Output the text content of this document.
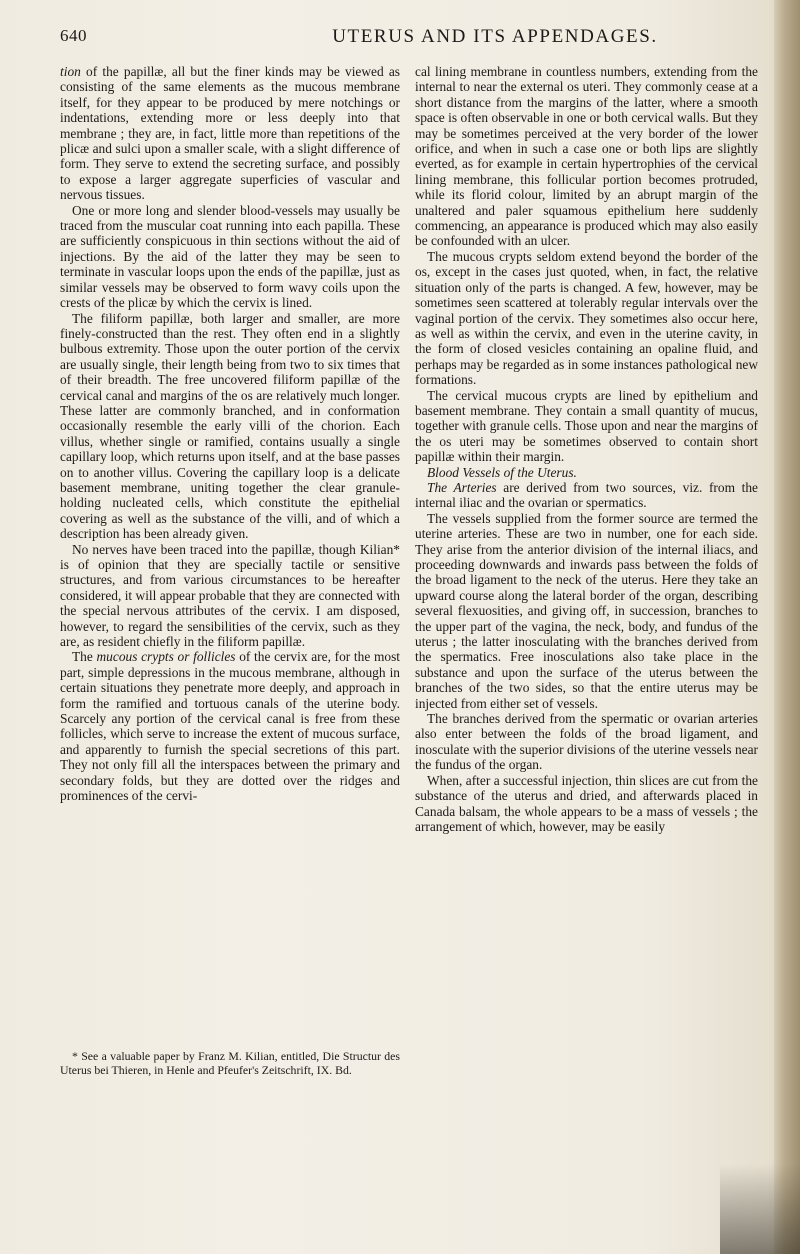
640	UTERUS AND ITS APPENDAGES.

tion of the papillæ, all but the finer kinds may be viewed as consisting of the same elements as the mucous membrane itself, for they appear to be produced by mere notchings or indentations, extending more or less deeply into that membrane ; they are, in fact, little more than repetitions of the plicæ and sulci upon a smaller scale, with a slight difference of form. They serve to extend the secreting surface, and possibly to expose a larger aggregate superficies of vascular and nervous tissues.

One or more long and slender blood-vessels may usually be traced from the muscular coat running into each papilla. These are sufficiently conspicuous in thin sections without the aid of injections. By the aid of the latter they may be seen to terminate in vascular loops upon the ends of the papillæ, just as similar vessels may be observed to form wavy coils upon the crests of the plicæ by which the cervix is lined.

The filiform papillæ, both larger and smaller, are more finely-constructed than the rest. They often end in a slightly bulbous extremity. Those upon the outer portion of the cervix are usually single, their length being from two to six times that of their breadth. The free uncovered filiform papillæ of the cervical canal and margins of the os are relatively much longer. These latter are commonly branched, and in conformation occasionally resemble the early villi of the chorion. Each villus, whether single or ramified, contains usually a single capillary loop, which returns upon itself, and at the base passes on to another villus. Covering the capillary loop is a delicate basement membrane, uniting together the clear granule-holding nucleated cells, which constitute the epithelial covering as well as the substance of the villi, and of which a description has been already given.

No nerves have been traced into the papillæ, though Kilian* is of opinion that they are specially tactile or sensitive structures, and from various circumstances to be hereafter considered, it will appear probable that they are connected with the special nervous attributes of the cervix. I am disposed, however, to regard the sensibilities of the cervix, such as they are, as resident chiefly in the filiform papillæ.

The mucous crypts or follicles of the cervix are, for the most part, simple depressions in the mucous membrane, although in certain situations they penetrate more deeply, and approach in form the ramified and tortuous canals of the uterine body. Scarcely any portion of the cervical canal is free from these follicles, which serve to increase the extent of mucous surface, and apparently to furnish the special secretions of this part. They not only fill all the interspaces between the primary and secondary folds, but they are dotted over the ridges and prominences of the cervi-

* See a valuable paper by Franz M. Kilian, entitled, Die Structur des Uterus bei Thieren, in Henle and Pfeufer's Zeitschrift, IX. Bd.

cal lining membrane in countless numbers, extending from the internal to near the external os uteri. They commonly cease at a short distance from the margins of the latter, where a smooth space is often observable in one or both cervical walls. But they may be sometimes perceived at the very border of the lower orifice, and when in such a case one or both lips are slightly everted, as for example in certain hypertrophies of the cervical lining membrane, this follicular portion becomes protruded, while its florid colour, limited by an abrupt margin of the unaltered and paler squamous epithelium here suddenly commencing, an appearance is produced which may also easily be confounded with an ulcer.

The mucous crypts seldom extend beyond the border of the os, except in the cases just quoted, when, in fact, the relative situation only of the parts is changed. A few, however, may be sometimes seen scattered at tolerably regular intervals over the vaginal portion of the cervix. They sometimes also occur here, as well as within the cervix, and even in the uterine cavity, in the form of closed vesicles containing an opaline fluid, and perhaps may be regarded as in some instances pathological new formations.

The cervical mucous crypts are lined by epithelium and basement membrane. They contain a small quantity of mucus, together with granule cells. Those upon and near the margins of the os uteri may be sometimes observed to contain short papillæ within their margin.

Blood Vessels of the Uterus.

The Arteries are derived from two sources, viz. from the internal iliac and the ovarian or spermatics.

The vessels supplied from the former source are termed the uterine arteries. These are two in number, one for each side. They arise from the anterior division of the internal iliacs, and proceeding downwards and inwards pass between the folds of the broad ligament to the neck of the uterus. Here they take an upward course along the lateral border of the organ, describing several flexuosities, and giving off, in succession, branches to the upper part of the vagina, the neck, body, and fundus of the uterus ; the latter inosculating with the branches derived from the spermatics. Free inosculations also take place in the substance and upon the surface of the uterus between the branches of the two sides, so that the entire uterus may be injected from either set of vessels.

The branches derived from the spermatic or ovarian arteries also enter between the folds of the broad ligament, and inosculate with the superior divisions of the uterine vessels near the fundus of the organ.

When, after a successful injection, thin slices are cut from the substance of the uterus and dried, and afterwards placed in Canada balsam, the whole appears to be a mass of vessels ; the arrangement of which, however, may be easily
